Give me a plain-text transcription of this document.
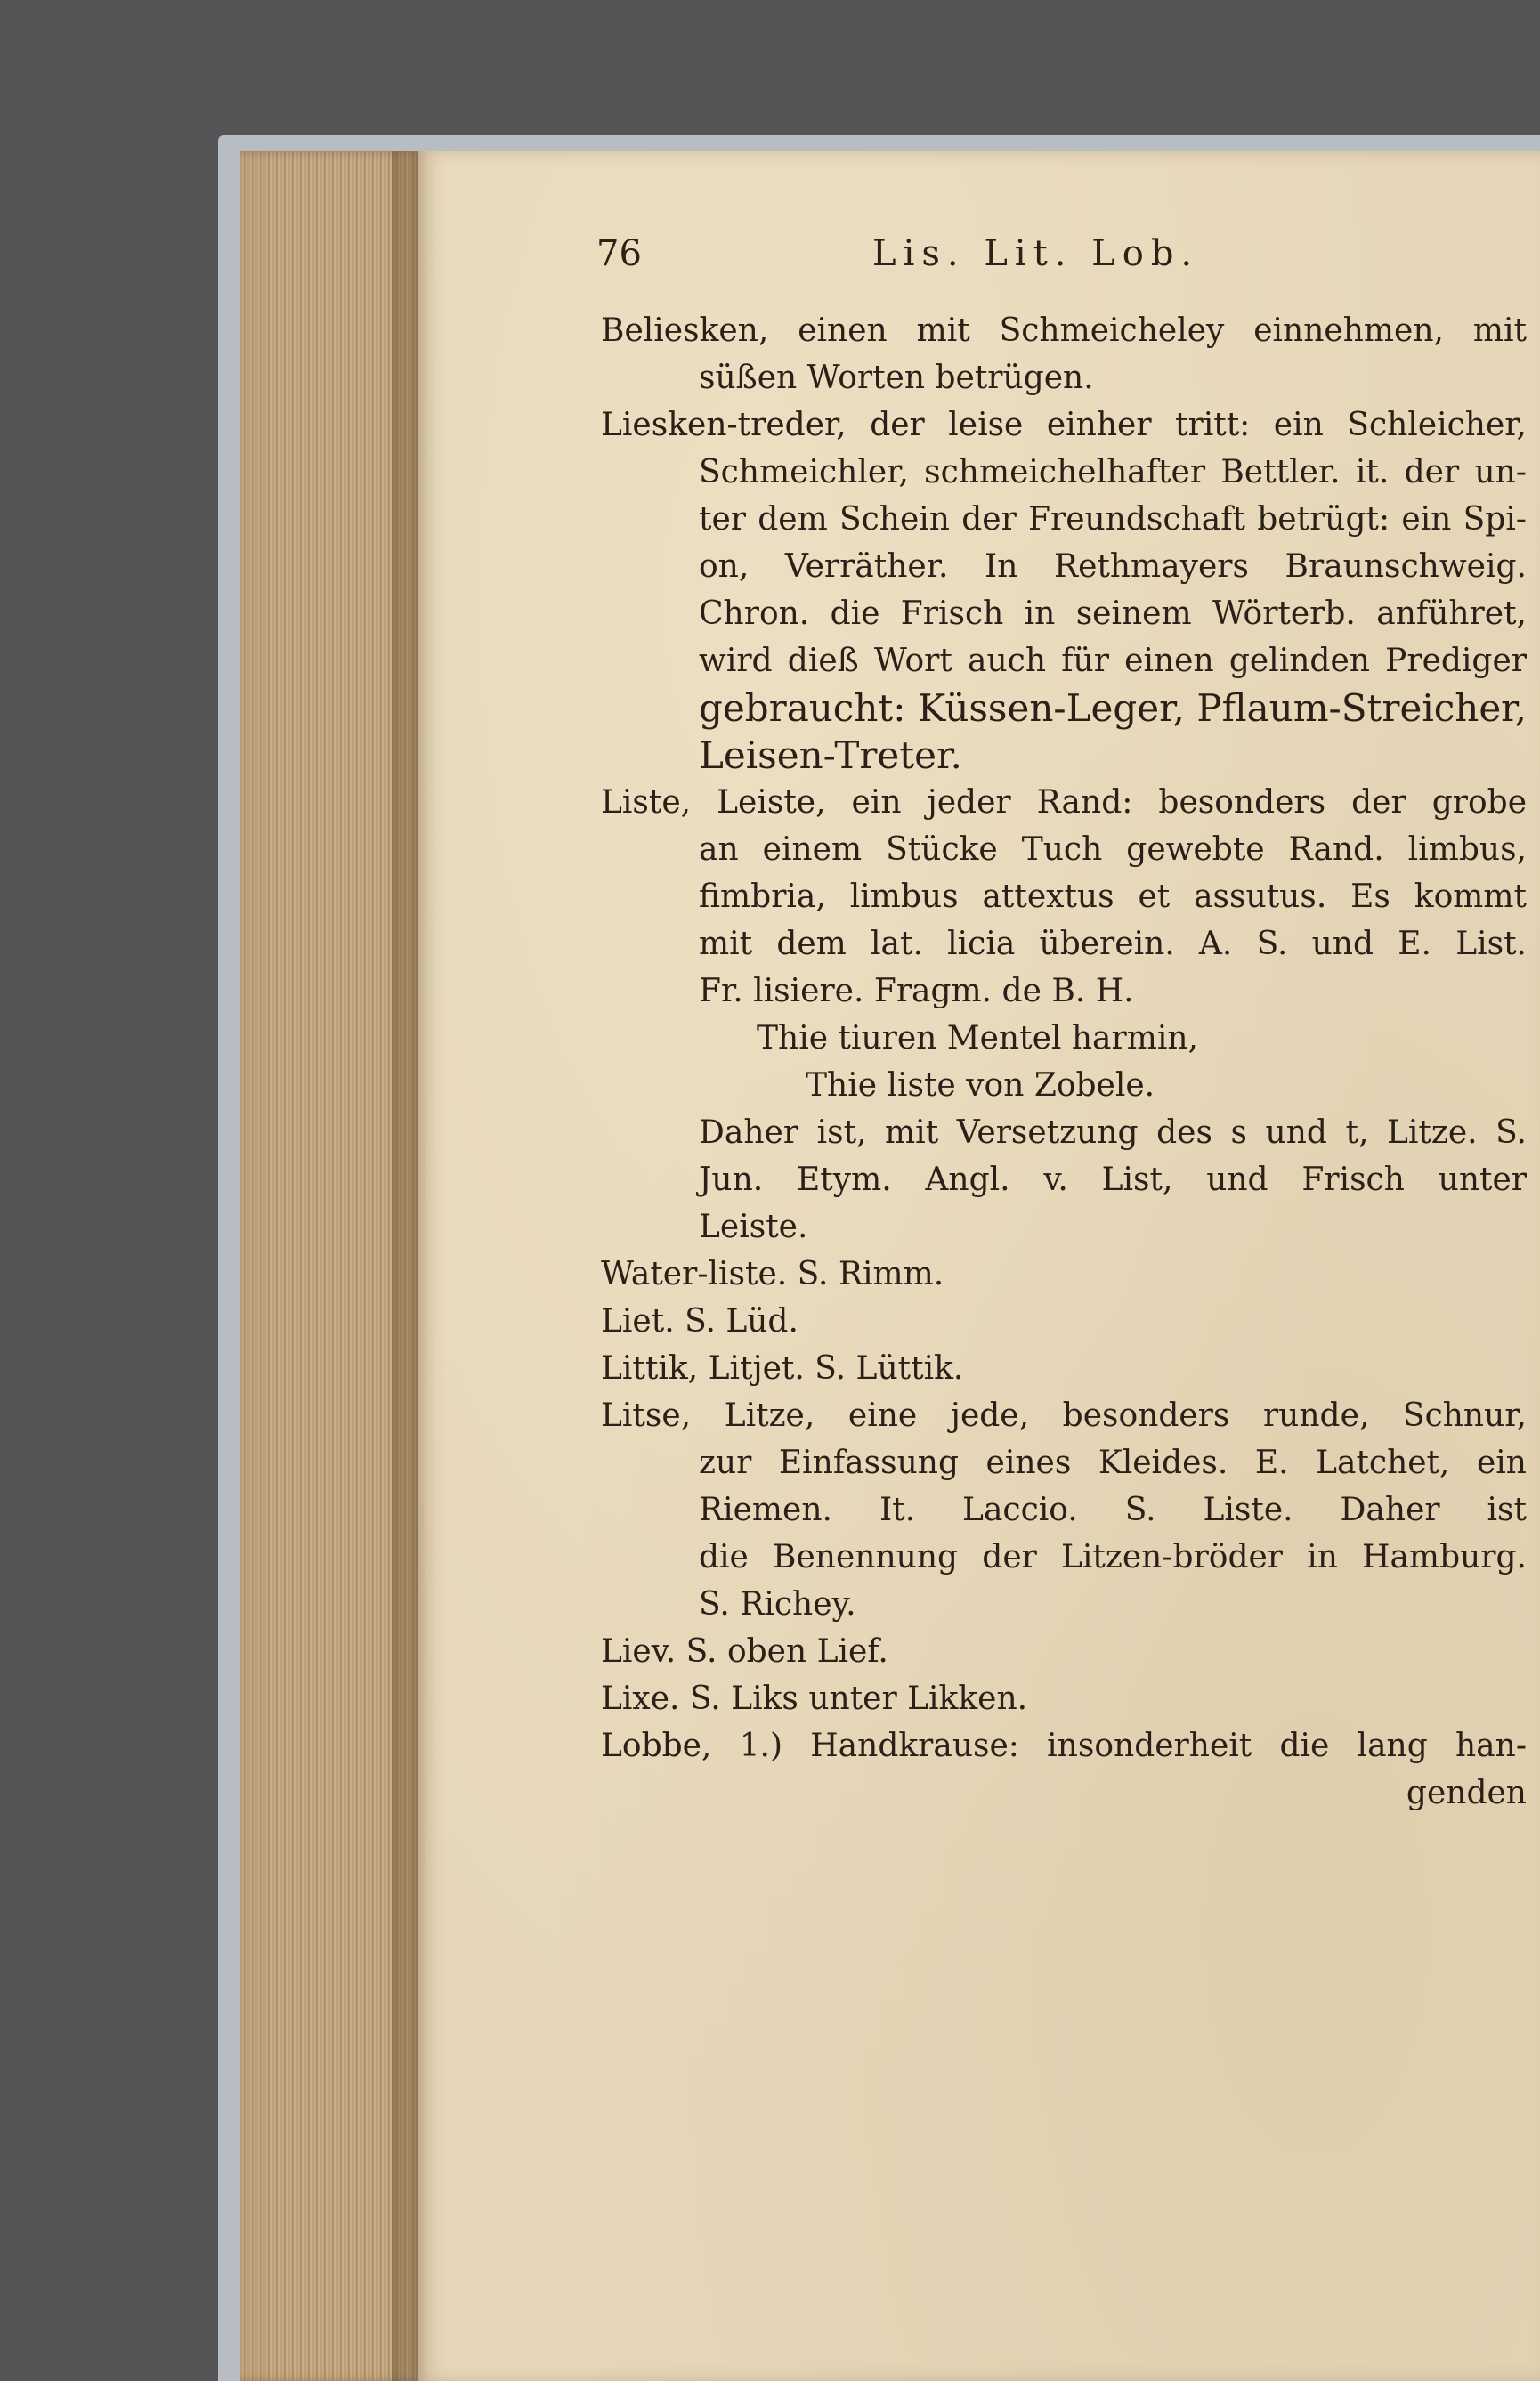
76	Lis. Lit. Lob.
Beliesken, einen mit Schmeicheley einnehmen, mit
süßen Worten betrügen.
Liesken-treder, der leise einher tritt: ein Schleicher,
Schmeichler, schmeichelhafter Bettler. it. der un-
ter dem Schein der Freundschaft betrügt: ein Spi-
on, Verräther. In Rethmayers Braunschweig.
Chron. die Frisch in seinem Wörterb. anführet,
wird dieß Wort auch für einen gelinden Prediger
gebraucht: Küssen-Leger, Pflaum-Streicher,
Leisen-Treter.
Liste, Leiste, ein jeder Rand: besonders der grobe
an einem Stücke Tuch gewebte Rand. limbus,
fimbria, limbus attextus et assutus. Es kommt
mit dem lat. licia überein. A. S. und E. List.
Fr. lisiere. Fragm. de B. H.
Thie tiuren Mentel harmin,
Thie liste von Zobele.
Daher ist, mit Versetzung des s und t, Litze. S.
Jun. Etym. Angl. v. List, und Frisch unter
Leiste.
Water-liste. S. Rimm.
Liet. S. Lüd.
Littik, Litjet. S. Lüttik.
Litse, Litze, eine jede, besonders runde, Schnur,
zur Einfassung eines Kleides. E. Latchet, ein
Riemen. It. Laccio. S. Liste. Daher ist
die Benennung der Litzen-bröder in Hamburg.
S. Richey.
Liev. S. oben Lief.
Lixe. S. Liks unter Likken.
Lobbe, 1.) Handkrause: insonderheit die lang han-
genden
